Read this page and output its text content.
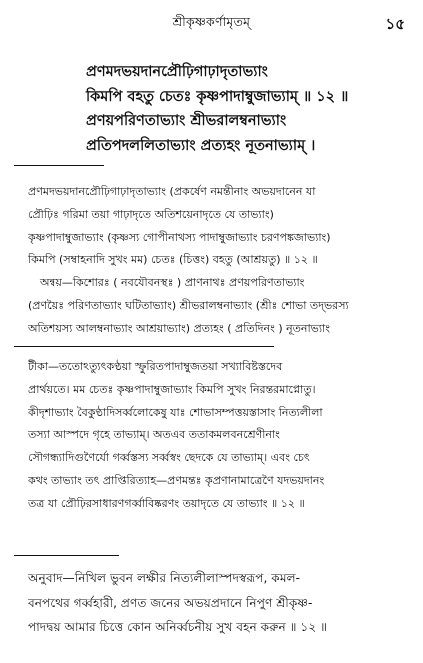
শ্রীকৃষ্ণকর্ণামৃতম্‌	১৫
প্রণমদভয়দানপ্রৌঢ়িগাঢ়াদৃতাভ্যাং
কিমপি বহতু চেতঃ কৃষ্ণপাদাম্বুজাভ্যাম্‌ ॥ ১২ ॥
প্রণয়পরিণতাভ্যাং শ্রীভরালম্বনাভ্যাং
প্রতিপদললিতাভ্যাং প্রত্যহং নূতনাভ্যাম্‌ ।
প্রণমদভয়দানপ্রৌঢ়িগাঢ়াদৃতাভ্যাং (প্রকর্ষেণ নমন্তীনাং অভয়দানেন যা
প্রৌঢ়িঃ গরিমা তয়া গাঢ়াদৃতে অতিশয়েনাদৃতে যে তাভ্যাং)
কৃষ্ণপাদাম্বুজাভ্যাং (কৃষ্ণস্য গোপীনাথস্য পাদাম্বুজাভ্যাং চরণপঙ্কজাভ্যাং)
কিমপি (সম্বাহনাদি সুখং মম) চেতঃ (চিত্তং) বহতু (আশ্রয়তু) ॥ ১২ ॥
অন্বয়—কিশোরঃ ( নবযৌবনস্থঃ ) প্রাণনাথঃ প্রণয়পরিণতাভ্যাং
(প্রণয়ৈঃ পরিণতাভ্যাং ঘটিতাভ্যাং) শ্রীভরালম্বনাভ্যাং (শ্রীঃ শোভা তদ্‌ভরস্য
অতিশয়স্য আলম্বনাভ্যাং আশ্রয়াভ্যাং) প্রত্যহং ( প্রতিদিনং ) নূতনাভ্যাং
টীকা—ততোঽত্যুৎকণ্ঠয়া স্ফুরিতপাদাম্বুজতয়া সখ্যাবিষ্টস্তদেব
প্রার্থয়তে। মম চেতঃ কৃষ্ণপাদাম্বুজাভ্যাং কিমপি সুখং নিরন্তরমাপ্নোতু।
কীদৃশাভ্যাং বৈকুণ্ঠাদিসর্ব্বলোকেষু যাঃ শোভাসম্পত্তয়স্তাসাং নিত্যলীলা
তস্যা আস্পদে গৃহে তাভ্যাম্‌। অতএব ততাকমলবনশ্রেণীনাং
সৌগন্ধ্যাদিগুণৈর্যো গর্ব্বস্তস্য সর্ব্বস্বং ছেদকে যে তাভ্যাম্‌। এবং চেৎ
কথং তাভ্যাং তৎ প্রাপ্তিরিত্যাহ—প্রণমন্তঃ কৃপ্রণানামাত্রেণৈ যদভয়দানং
তত্র যা প্রৌঢ়িরসাধারণগর্ব্বাবিষ্করণং তয়াদৃতে যে তাভ্যাং ॥ ১২ ॥
অনুবাদ—নিখিল ভুবন লক্ষীর নিত্যলীলাস্পদস্বরূপ, কমল-
বনপথের গর্ব্বহারী, প্রণত জনের অভয়প্রদানে নিপুণ শ্রীকৃষ্ণ-
পাদদ্বয় আমার চিত্তে কোন অনির্ব্বচনীয় সুখ বহন করুন ॥ ১২ ॥
